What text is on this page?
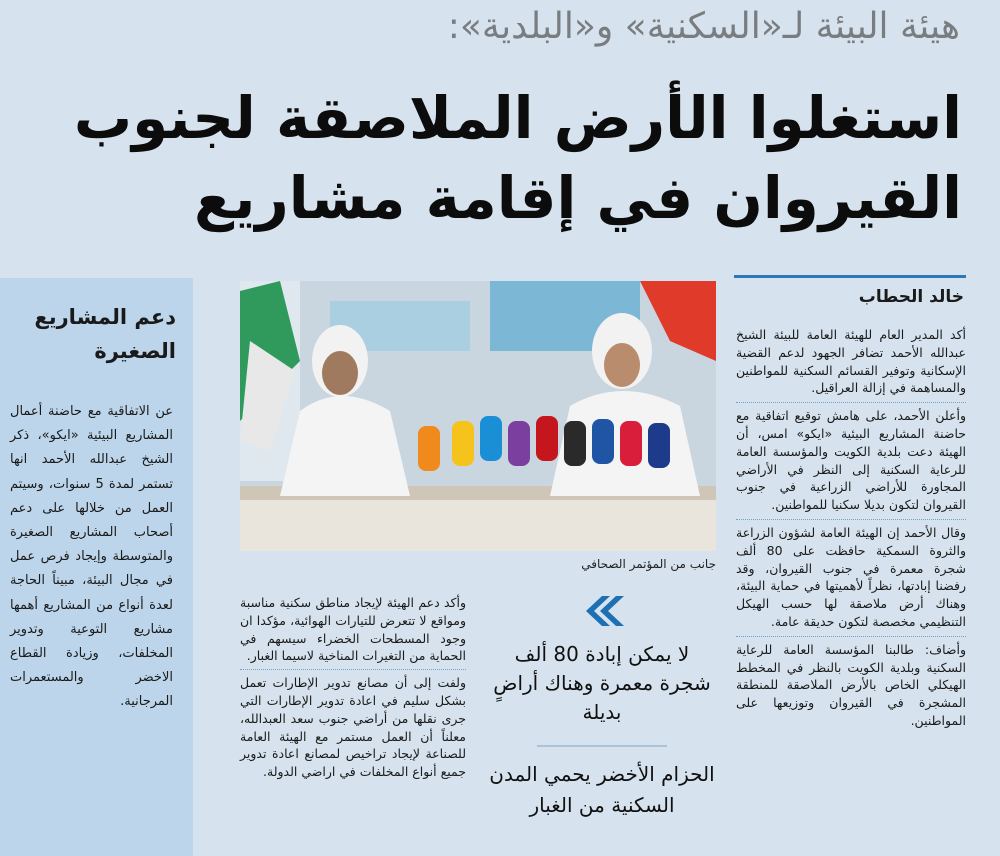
هيئة البيئة لـ«السكنية» و«البلدية»:
استغلوا الأرض الملاصقة لجنوب
القيروان في إقامة مشاريع
دعم المشاريع الصغيرة
عن الاتفاقية مع حاضنة أعمال المشاريع البيئية «ايكو»، ذكر الشيخ عبدالله الأحمد انها تستمر لمدة 5 سنوات، وسيتم العمل من خلالها على دعم أصحاب المشاريع الصغيرة والمتوسطة وإيجاد فرص عمل في مجال البيئة، مبيناً الحاجة لعدة أنواع من المشاريع أهمها مشاريع التوعية وتدوير المخلفات، وزيادة القطاع الاخضر والمستعمرات المرجانية.
جانب من المؤتمر الصحافي
خالد الحطاب

أكد المدير العام للهيئة العامة للبيئة الشيخ عبدالله الأحمد تضافر الجهود لدعم القضية الإسكانية وتوفير القسائم السكنية للمواطنين والمساهمة في إزالة العراقيل.

وأعلن الأحمد، على هامش توقيع اتفاقية مع حاضنة المشاريع البيئية «ايكو» امس، أن الهيئة دعت بلدية الكويت والمؤسسة العامة للرعاية السكنية إلى النظر في الأراضي المجاورة للأراضي الزراعية في جنوب القيروان لتكون بديلا سكنيا للمواطنين.

وقال الأحمد إن الهيئة العامة لشؤون الزراعة والثروة السمكية حافظت على 80 ألف شجرة معمرة في جنوب القيروان، وقد رفضنا إبادتها، نظراً لأهميتها في حماية البيئة، وهناك أرض ملاصقة لها حسب الهيكل التنظيمي مخصصة لتكون حديقة عامة.

وأضاف: طالبنا المؤسسة العامة للرعاية السكنية وبلدية الكويت بالنظر في المخطط الهيكلي الخاص بالأرض الملاصقة للمنطقة المشجرة في القيروان وتوزيعها على المواطنين.

وأكد دعم الهيئة لإيجاد مناطق سكنية مناسبة ومواقع لا تتعرض للتيارات الهوائية، مؤكدا ان وجود المسطحات الخضراء سيسهم في الحماية من التغيرات المناخية لاسيما الغبار.

ولفت إلى أن مصانع تدوير الإطارات تعمل بشكل سليم في اعادة تدوير الإطارات التي جرى نقلها من أراضي جنوب سعد العبدالله، معلناً أن العمل مستمر مع الهيئة العامة للصناعة لإيجاد تراخيص لمصانع اعادة تدوير جميع أنواع المخلفات في اراضي الدولة.

لا يمكن إبادة 80 ألف شجرة معمرة وهناك أراضٍ بديلة

الحزام الأخضر يحمي المدن السكنية من الغبار
